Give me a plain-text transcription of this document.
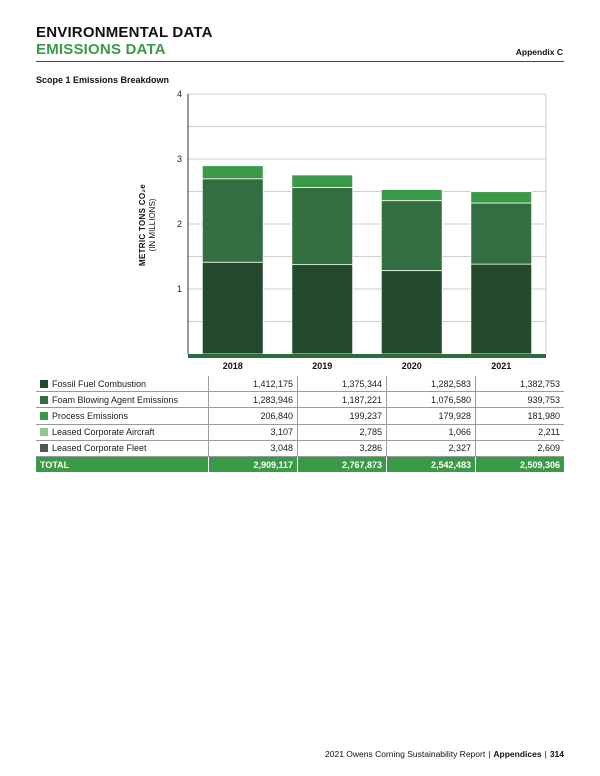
ENVIRONMENTAL DATA
EMISSIONS DATA	Appendix C
Scope 1 Emissions Breakdown
1
2
3
4
2018	2019	2020	2021
METRIC TONS CO₂e (IN MILLIONS)
Fossil Fuel Combustion	1,412,175	1,375,344	1,282,583	1,382,753
Foam Blowing Agent Emissions	1,283,946	1,187,221	1,076,580	939,753
Process Emissions	206,840	199,237	179,928	181,980
Leased Corporate Aircraft	3,107	2,785	1,066	2,211
Leased Corporate Fleet	3,048	3,286	2,327	2,609
TOTAL	2,909,117	2,767,873	2,542,483	2,509,306
2021 Owens Corning Sustainability Report | Appendices | 314
